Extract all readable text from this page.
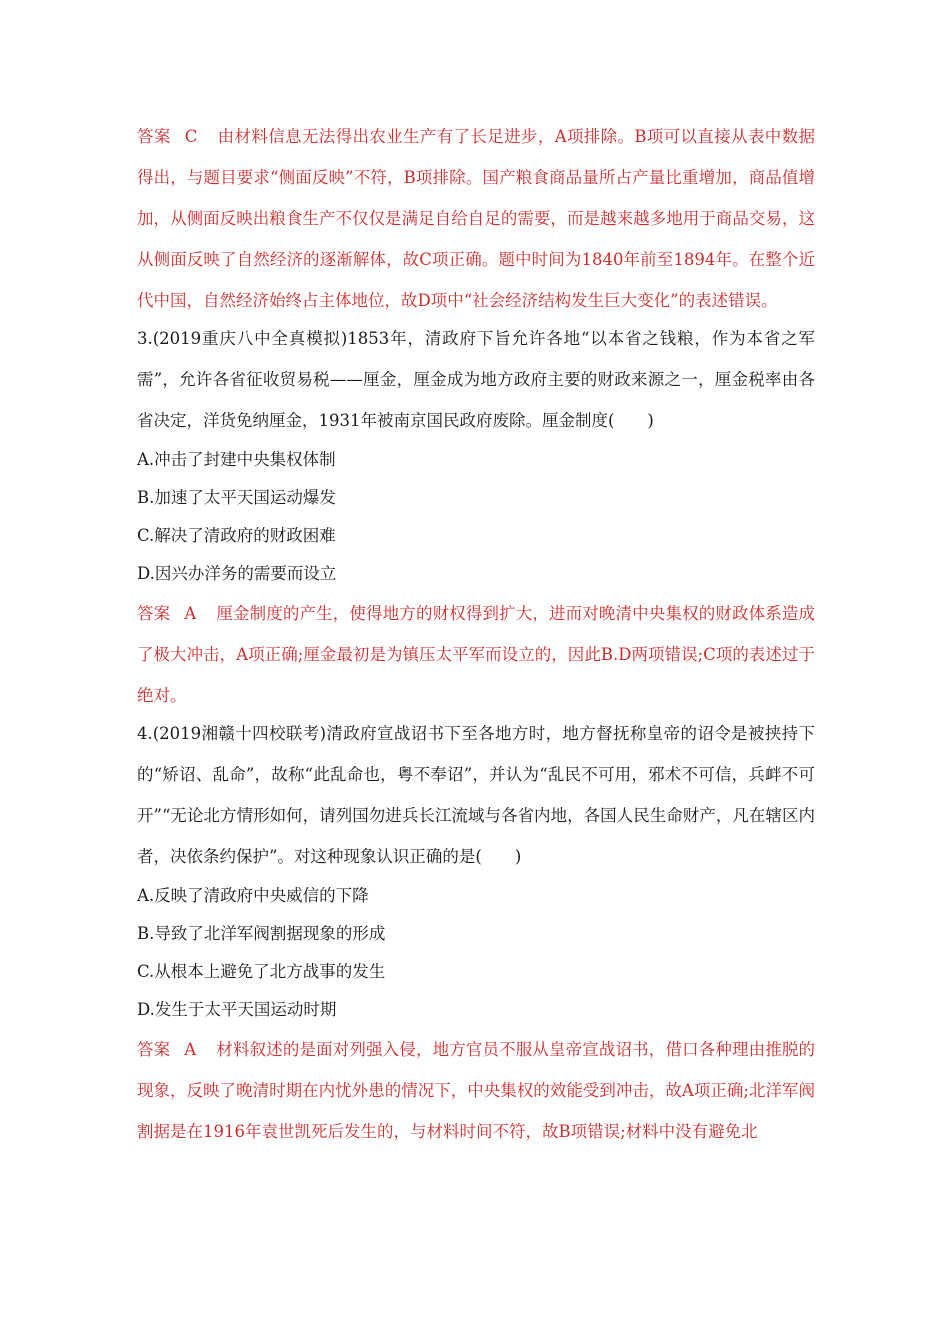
答案 C 由材料信息无法得出农业生产有了长足进步，A项排除。B项可以直接从表中数据得出，与题目要求“侧面反映”不符，B项排除。国产粮食商品量所占产量比重增加，商品值增加，从侧面反映出粮食生产不仅仅是满足自给自足的需要，而是越来越多地用于商品交易，这从侧面反映了自然经济的逐渐解体，故C项正确。题中时间为1840年前至1894年。在整个近代中国，自然经济始终占主体地位，故D项中“社会经济结构发生巨大变化”的表述错误。

3.(2019重庆八中全真模拟)1853年，清政府下旨允许各地“以本省之钱粮，作为本省之军需”，允许各省征收贸易税——厘金，厘金成为地方政府主要的财政来源之一，厘金税率由各省决定，洋货免纳厘金，1931年被南京国民政府废除。厘金制度(　　)

A.冲击了封建中央集权体制

B.加速了太平天国运动爆发

C.解决了清政府的财政困难

D.因兴办洋务的需要而设立

答案 A 厘金制度的产生，使得地方的财权得到扩大，进而对晚清中央集权的财政体系造成了极大冲击，A项正确;厘金最初是为镇压太平军而设立的，因此B.D两项错误;C项的表述过于绝对。

4.(2019湘赣十四校联考)清政府宣战诏书下至各地方时，地方督抚称皇帝的诏令是被挟持下的“矫诏、乱命”，故称“此乱命也，粤不奉诏”，并认为“乱民不可用，邪术不可信，兵衅不可开”“无论北方情形如何，请列国勿进兵长江流域与各省内地，各国人民生命财产，凡在辖区内者，决依条约保护”。对这种现象认识正确的是(　　)

A.反映了清政府中央威信的下降

B.导致了北洋军阀割据现象的形成

C.从根本上避免了北方战事的发生

D.发生于太平天国运动时期

答案 A 材料叙述的是面对列强入侵，地方官员不服从皇帝宣战诏书，借口各种理由推脱的现象，反映了晚清时期在内忧外患的情况下，中央集权的效能受到冲击，故A项正确;北洋军阀割据是在1916年袁世凯死后发生的，与材料时间不符，故B项错误;材料中没有避免北
